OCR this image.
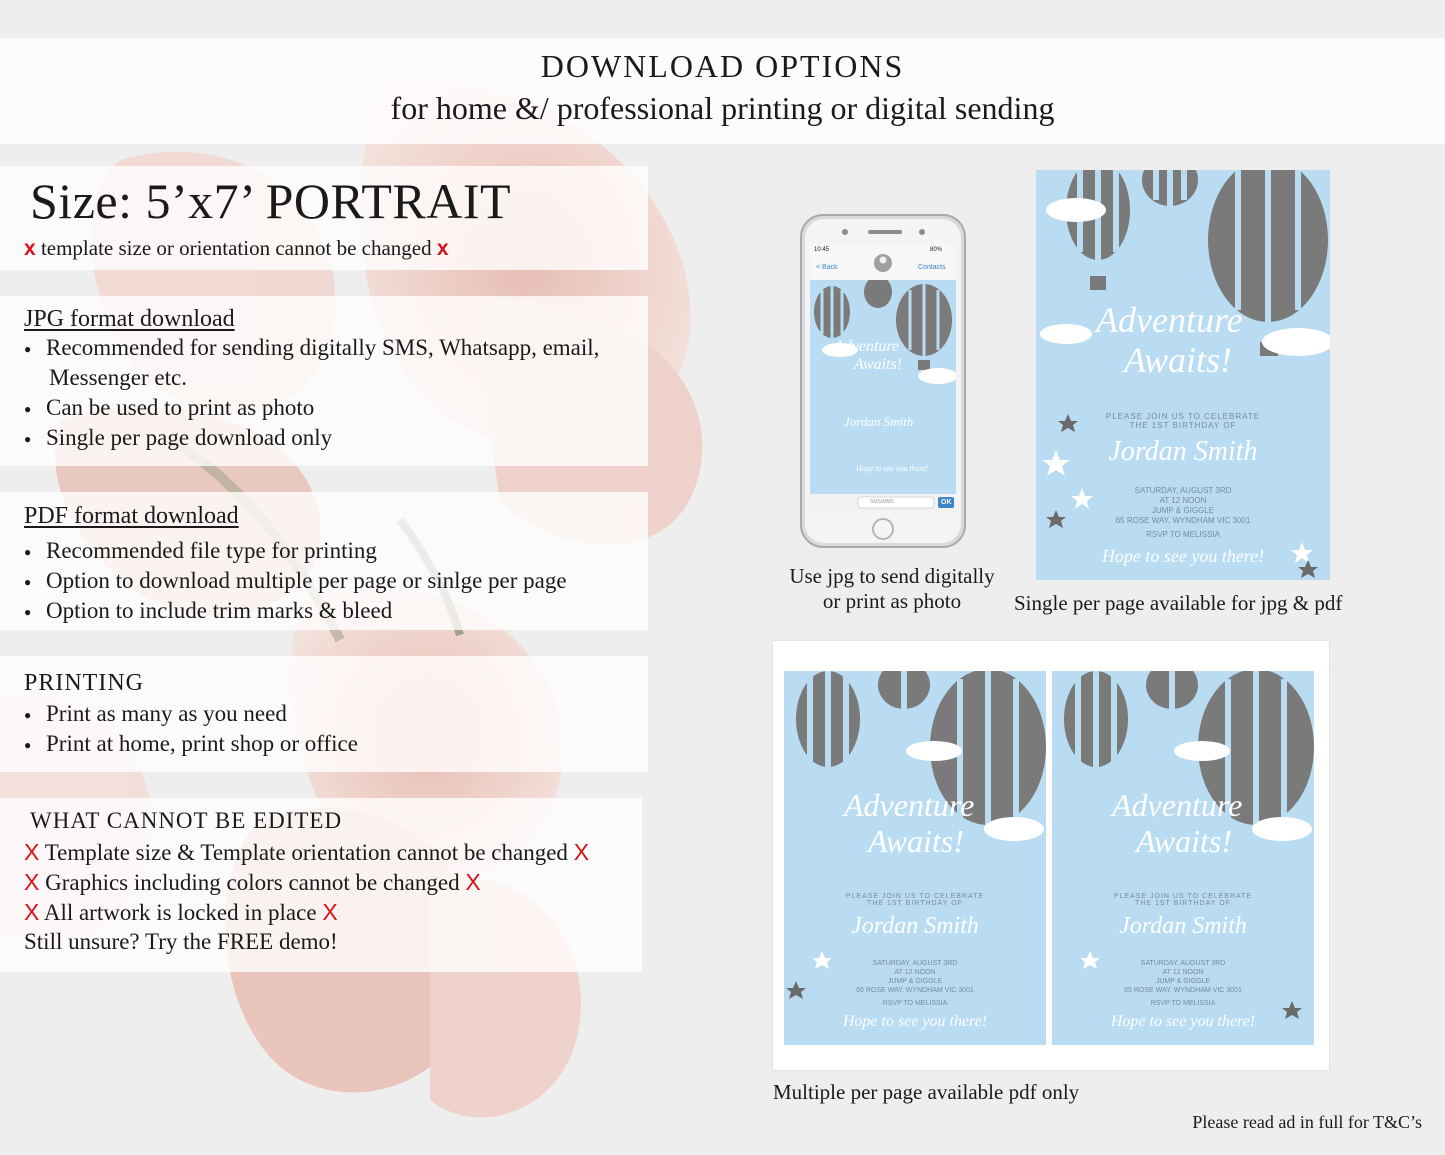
DOWNLOAD OPTIONS
for home &/ professional printing or digital sending
Size: 5’x7’ PORTRAIT
x template size or orientation cannot be changed x
JPG format download
● Recommended for sending digitally SMS, Whatsapp, email,
Messenger etc.
● Can be used to print as photo
● Single per page download only
PDF format download
● Recommended file type for printing
● Option to download multiple per page or sinlge per page
● Option to include trim marks & bleed
PRINTING
● Print as many as you need
● Print at home, print shop or office
WHAT CANNOT BE EDITED
X Template size & Template orientation cannot be changed X
X Graphics including colors cannot be changed X
X All artwork is locked in place X
Still unsure? Try the FREE demo!
10:45	80%
< Back	Contacts
SMS/MMS	OK
Adventure
Awaits!
Jordan Smith
Hope to see you there!
Adventure
Awaits!
PLEASE JOIN US TO CELEBRATE
THE 1ST BIRTHDAY OF
Jordan Smith
SATURDAY, AUGUST 3RD
AT 12 NOON
JUMP & GIGGLE
65 ROSE WAY, WYNDHAM VIC 3001
RSVP TO MELISSIA
Hope to see you there!
Adventure
Awaits!
PLEASE JOIN US TO CELEBRATE
THE 1ST BIRTHDAY OF
Jordan Smith
SATURDAY, AUGUST 3RD
AT 12 NOON
JUMP & GIGGLE
65 ROSE WAY, WYNDHAM VIC 3001
RSVP TO MELISSIA
Hope to see you there!
Adventure
Awaits!
PLEASE JOIN US TO CELEBRATE
THE 1ST BIRTHDAY OF
Jordan Smith
SATURDAY, AUGUST 3RD
AT 12 NOON
JUMP & GIGGLE
65 ROSE WAY, WYNDHAM VIC 3001
RSVP TO MELISSIA
Hope to see you there!
Use jpg to send digitally
or print as photo	Single per page available for jpg & pdf
Multiple per page available pdf only
Please read ad in full for T&C’s
